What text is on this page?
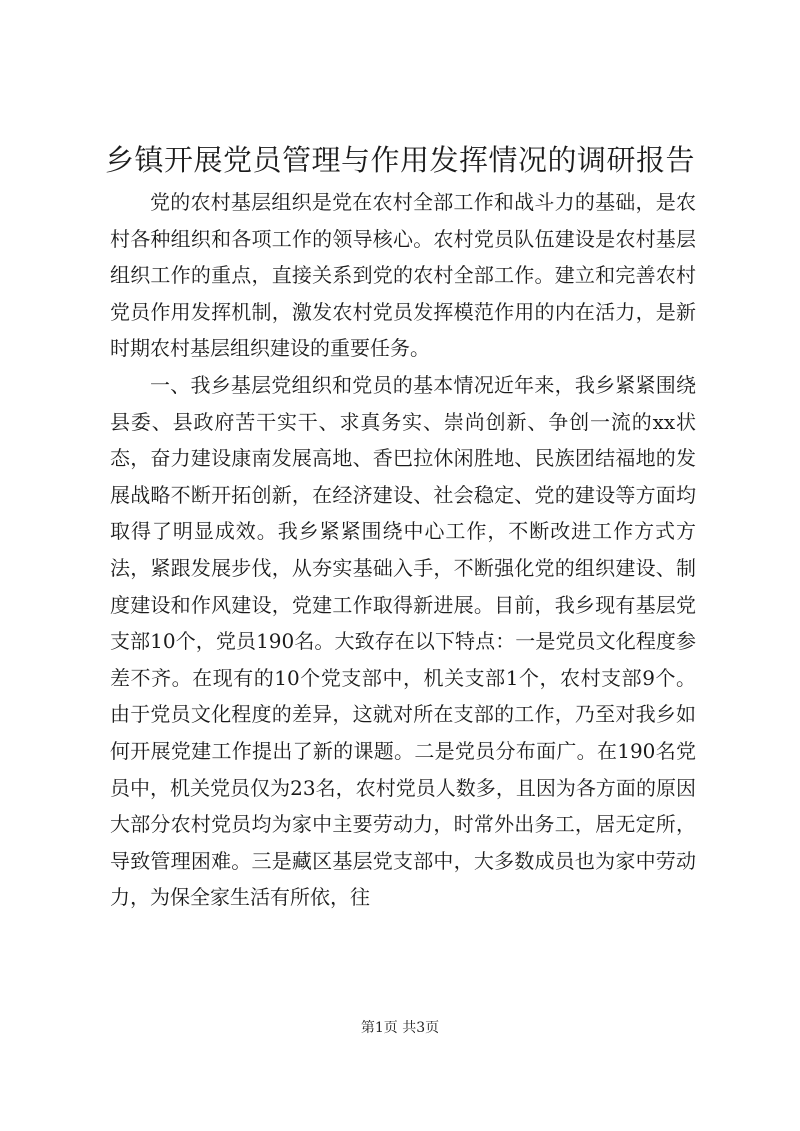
乡镇开展党员管理与作用发挥情况的调研报告

党的农村基层组织是党在农村全部工作和战斗力的基础，是农村各种组织和各项工作的领导核心。农村党员队伍建设是农村基层组织工作的重点，直接关系到党的农村全部工作。建立和完善农村党员作用发挥机制，激发农村党员发挥模范作用的内在活力，是新时期农村基层组织建设的重要任务。

一、我乡基层党组织和党员的基本情况近年来，我乡紧紧围绕县委、县政府苦干实干、求真务实、崇尚创新、争创一流的xx状态，奋力建设康南发展高地、香巴拉休闲胜地、民族团结福地的发展战略不断开拓创新，在经济建设、社会稳定、党的建设等方面均取得了明显成效。我乡紧紧围绕中心工作，不断改进工作方式方法，紧跟发展步伐，从夯实基础入手，不断强化党的组织建设、制度建设和作风建设，党建工作取得新进展。目前，我乡现有基层党支部10个，党员190名。大致存在以下特点：一是党员文化程度参差不齐。在现有的10个党支部中，机关支部1个，农村支部9个。由于党员文化程度的差异，这就对所在支部的工作，乃至对我乡如何开展党建工作提出了新的课题。二是党员分布面广。在190名党员中，机关党员仅为23名，农村党员人数多，且因为各方面的原因大部分农村党员均为家中主要劳动力，时常外出务工，居无定所，导致管理困难。三是藏区基层党支部中，大多数成员也为家中劳动力，为保全家生活有所依，往

第1页 共3页
